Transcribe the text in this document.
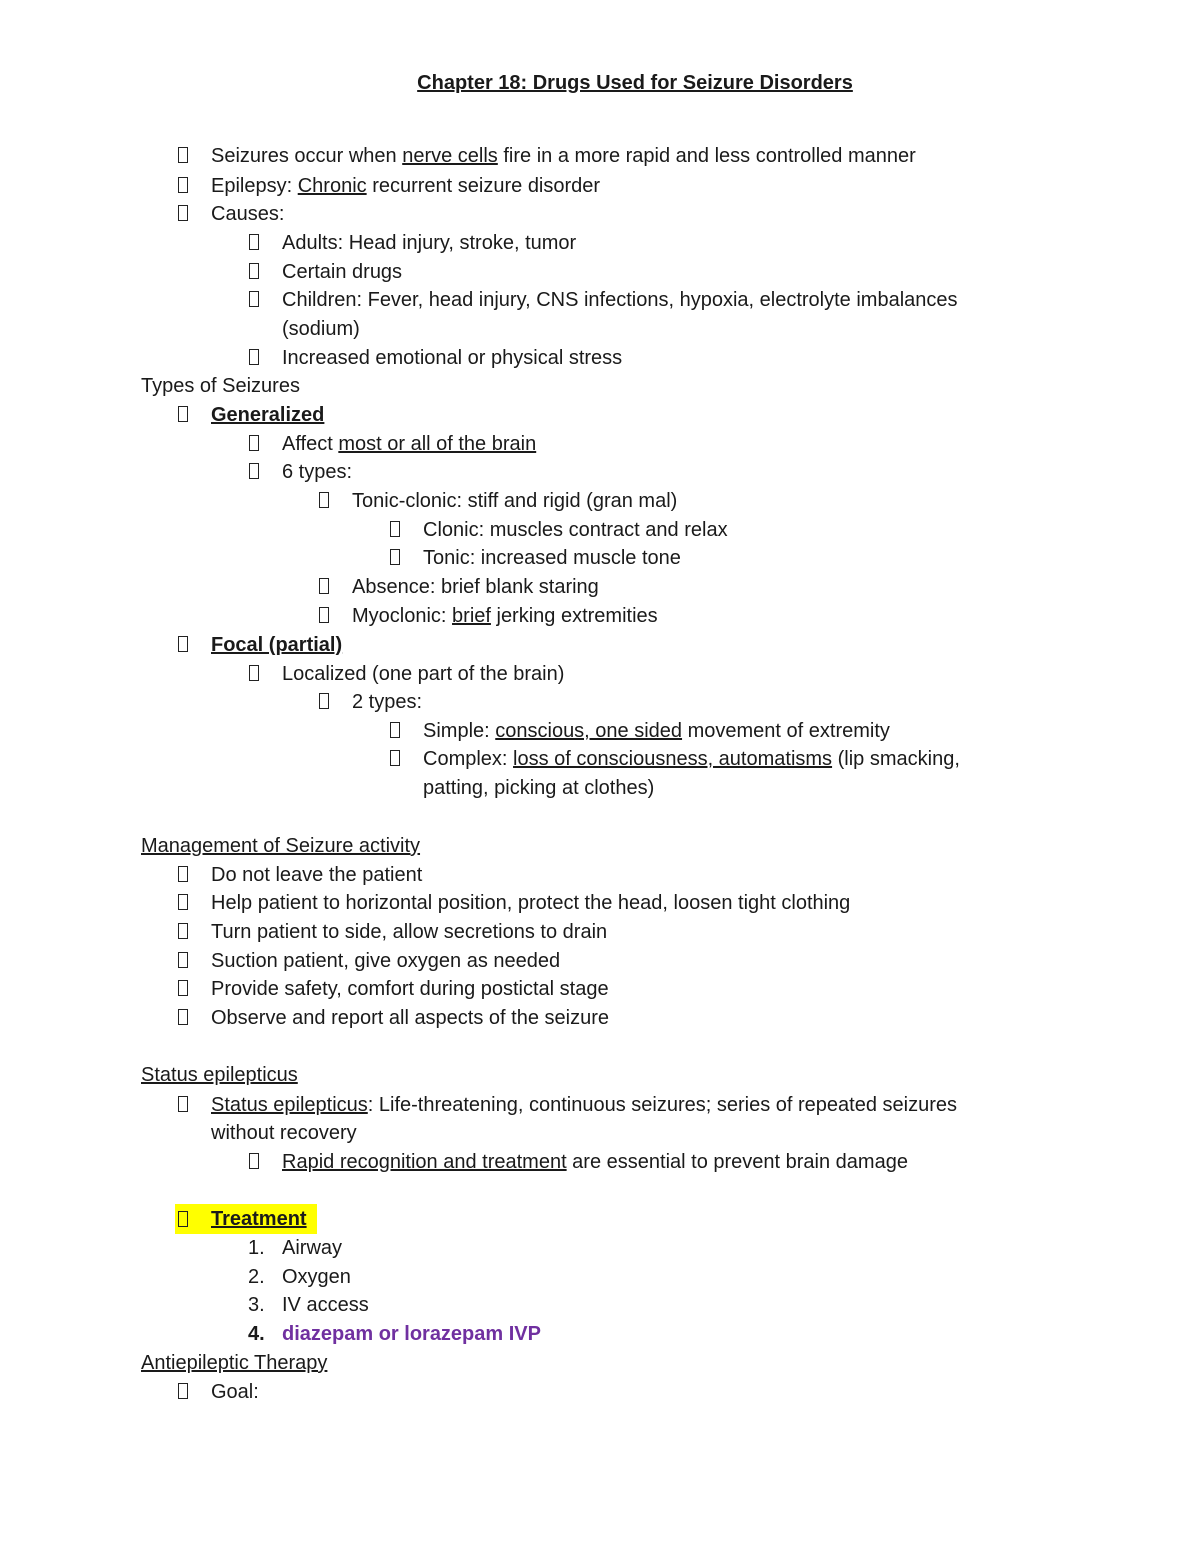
Chapter 18: Drugs Used for Seizure Disorders
Seizures occur when nerve cells fire in a more rapid and less controlled manner
Epilepsy: Chronic recurrent seizure disorder
Causes:
Adults: Head injury, stroke, tumor
Certain drugs
Children: Fever, head injury, CNS infections, hypoxia, electrolyte imbalances
(sodium)
Increased emotional or physical stress
Types of Seizures
Generalized
Affect most or all of the brain
6 types:
Tonic-clonic: stiff and rigid (gran mal)
Clonic: muscles contract and relax
Tonic: increased muscle tone
Absence: brief blank staring
Myoclonic: brief jerking extremities
Focal (partial)
Localized (one part of the brain)
2 types:
Simple: conscious, one sided movement of extremity
Complex: loss of consciousness, automatisms (lip smacking,
patting, picking at clothes)
Management of Seizure activity
Do not leave the patient
Help patient to horizontal position, protect the head, loosen tight clothing
Turn patient to side, allow secretions to drain
Suction patient, give oxygen as needed
Provide safety, comfort during postictal stage
Observe and report all aspects of the seizure
Status epilepticus
Status epilepticus: Life-threatening, continuous seizures; series of repeated seizures
without recovery
Rapid recognition and treatment are essential to prevent brain damage
Treatment
1. Airway
2. Oxygen
3. IV access
4. diazepam or lorazepam IVP
Antiepileptic Therapy
Goal:
